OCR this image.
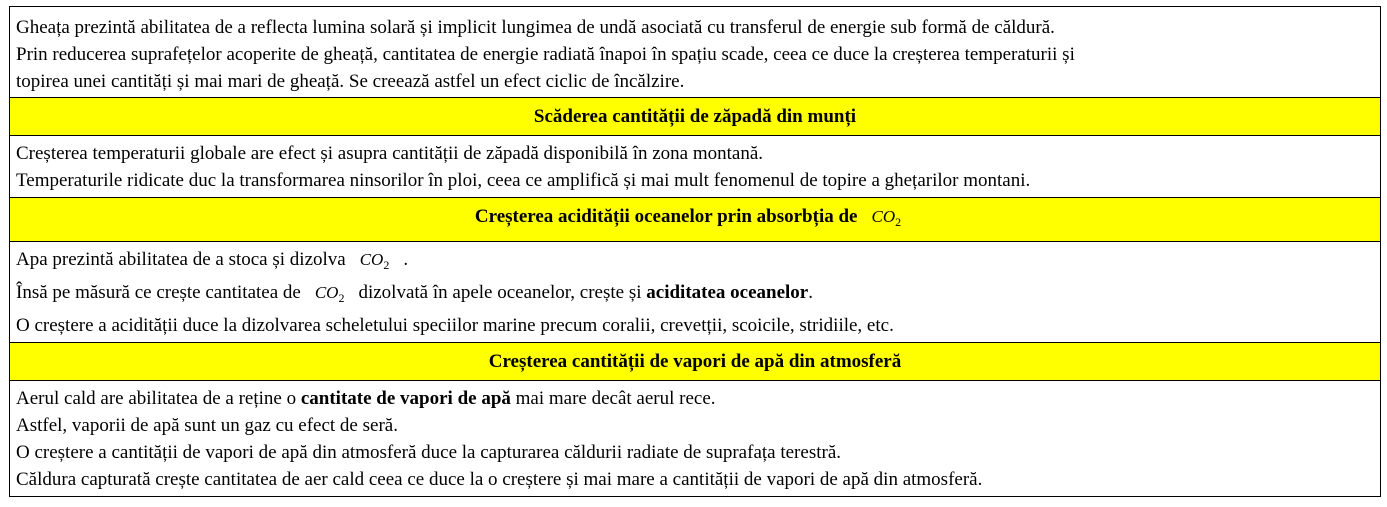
Gheața prezintă abilitatea de a reflecta lumina solară și implicit lungimea de undă asociată cu transferul de energie sub formă de căldură.
Prin reducerea suprafețelor acoperite de gheață, cantitatea de energie radiată înapoi în spațiu scade, ceea ce duce la creșterea temperaturii și
topirea unei cantități și mai mari de gheață. Se creează astfel un efect ciclic de încălzire.

Scăderea cantității de zăpadă din munți

Creșterea temperaturii globale are efect și asupra cantității de zăpadă disponibilă în zona montană.
Temperaturile ridicate duc la transformarea ninsorilor în ploi, ceea ce amplifică și mai mult fenomenul de topire a ghețarilor montani.

Creșterea acidității oceanelor prin absorbția de $CO_2$

Apa prezintă abilitatea de a stoca și dizolva $CO_2$ .
Însă pe măsură ce crește cantitatea de $CO_2$ dizolvată în apele oceanelor, crește și aciditatea oceanelor.
O creștere a acidității duce la dizolvarea scheletului speciilor marine precum coralii, crevetții, scoicile, stridiile, etc.

Creșterea cantității de vapori de apă din atmosferă

Aerul cald are abilitatea de a reține o cantitate de vapori de apă mai mare decât aerul rece.
Astfel, vaporii de apă sunt un gaz cu efect de seră.
O creștere a cantității de vapori de apă din atmosferă duce la capturarea căldurii radiate de suprafața terestră.
Căldura capturată crește cantitatea de aer cald ceea ce duce la o creștere și mai mare a cantității de vapori de apă din atmosferă.
